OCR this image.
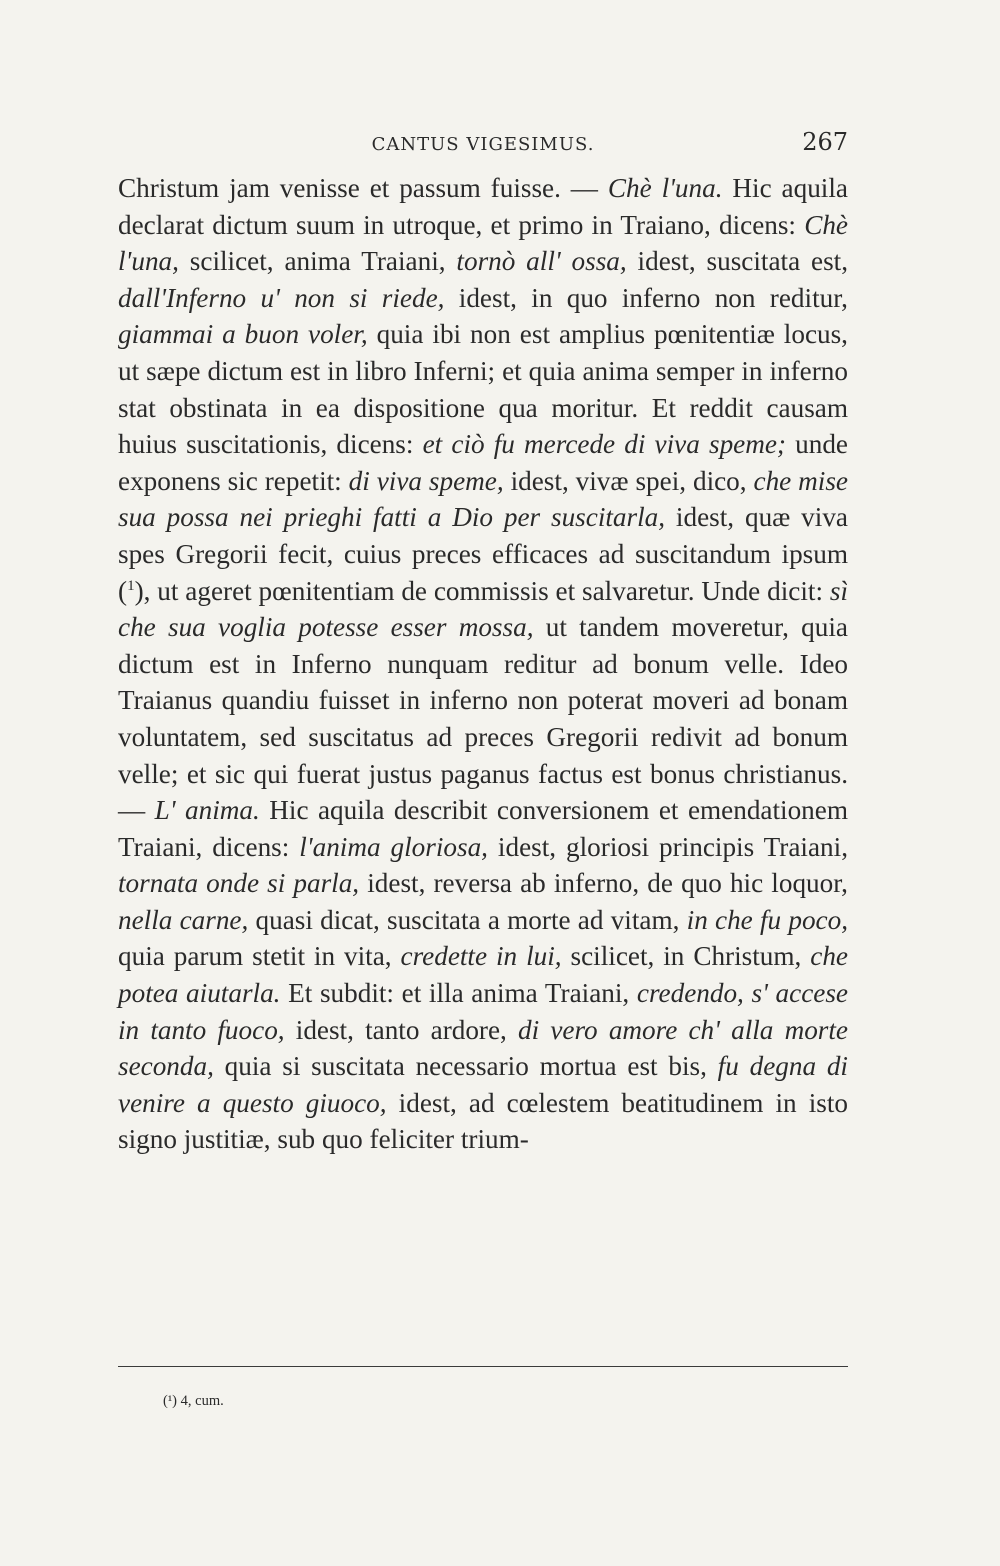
CANTUS VIGESIMUS.	267

Christum jam venisse et passum fuisse. — Chè l'una. Hic aquila declarat dictum suum in utroque, et primo in Traiano, dicens: Chè l'una, scilicet, anima Traiani, tornò all' ossa, idest, suscitata est, dall'Inferno u' non si riede, idest, in quo inferno non reditur, giammai a buon voler, quia ibi non est amplius pœnitentiæ locus, ut sæpe dictum est in libro Inferni; et quia anima semper in inferno stat obstinata in ea dispositione qua moritur. Et reddit causam huius suscitationis, dicens: et ciò fu mercede di viva speme; unde exponens sic repetit: di viva speme, idest, vivæ spei, dico, che mise sua possa nei prieghi fatti a Dio per suscitarla, idest, quæ viva spes Gregorii fecit, cuius preces efficaces ad suscitandum ipsum ($^1$), ut ageret pœnitentiam de commissis et salvaretur. Unde dicit: sì che sua voglia potesse esser mossa, ut tandem moveretur, quia dictum est in Inferno nunquam reditur ad bonum velle. Ideo Traianus quandiu fuisset in inferno non poterat moveri ad bonam voluntatem, sed suscitatus ad preces Gregorii redivit ad bonum velle; et sic qui fuerat justus paganus factus est bonus christianus. — L' anima. Hic aquila describit conversionem et emendationem Traiani, dicens: l'anima gloriosa, idest, gloriosi principis Traiani, tornata onde si parla, idest, reversa ab inferno, de quo hic loquor, nella carne, quasi dicat, suscitata a morte ad vitam, in che fu poco, quia parum stetit in vita, credette in lui, scilicet, in Christum, che potea aiutarla. Et subdit: et illa anima Traiani, credendo, s' accese in tanto fuoco, idest, tanto ardore, di vero amore ch' alla morte seconda, quia si suscitata necessario mortua est bis, fu degna di venire a questo giuoco, idest, ad cœlestem beatitudinem in isto signo justitiæ, sub quo feliciter trium-

(¹) 4, cum.
